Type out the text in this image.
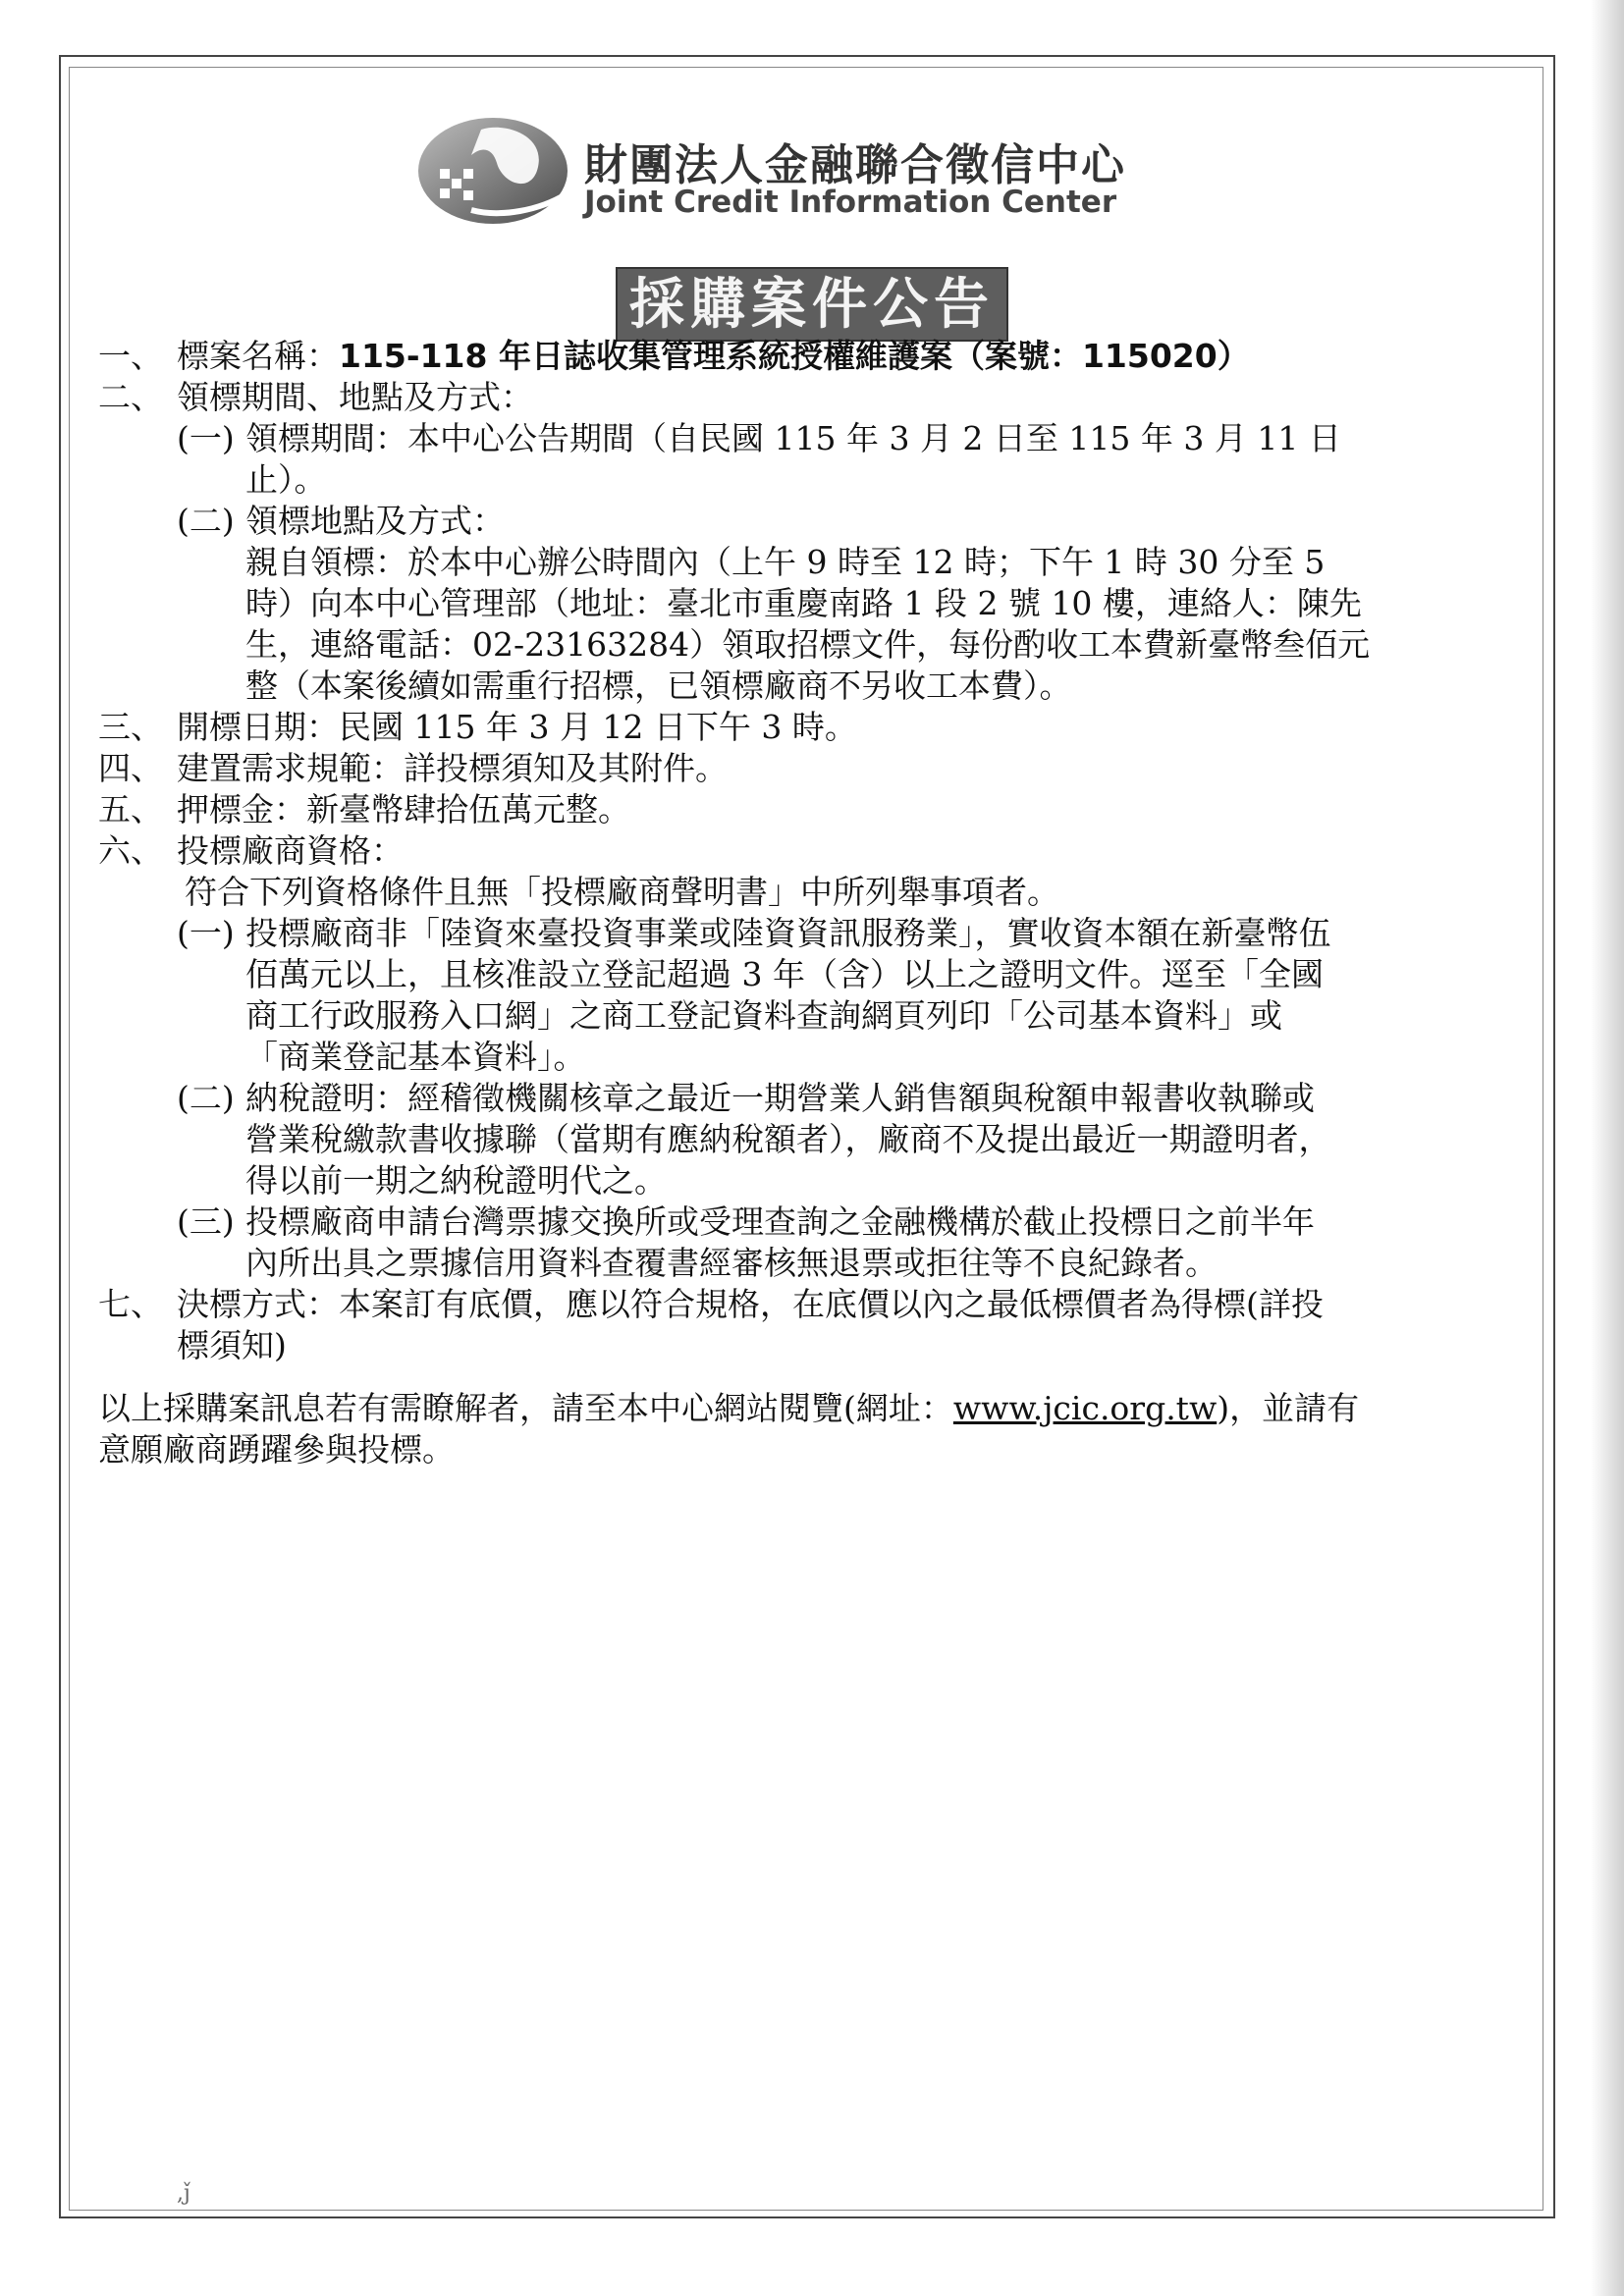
財團法人金融聯合徵信中心
Joint Credit Information Center
採購案件公告
一、 標案名稱：115-118 年日誌收集管理系統授權維護案（案號：115020）
二、 領標期間、地點及方式：
(一) 領標期間：本中心公告期間（自民國 115 年 3 月 2 日至 115 年 3 月 11 日
止）。
(二) 領標地點及方式：
親自領標：於本中心辦公時間內（上午 9 時至 12 時；下午 1 時 30 分至 5
時）向本中心管理部（地址：臺北市重慶南路 1 段 2 號 10 樓，連絡人：陳先
生，連絡電話：02-23163284）領取招標文件，每份酌收工本費新臺幣叁佰元
整（本案後續如需重行招標，已領標廠商不另收工本費）。
三、 開標日期：民國 115 年 3 月 12 日下午 3 時。
四、 建置需求規範：詳投標須知及其附件。
五、 押標金：新臺幣肆拾伍萬元整。
六、 投標廠商資格：
符合下列資格條件且無「投標廠商聲明書」中所列舉事項者。
(一) 投標廠商非「陸資來臺投資事業或陸資資訊服務業」，實收資本額在新臺幣伍
佰萬元以上，且核准設立登記超過 3 年（含）以上之證明文件。逕至「全國
商工行政服務入口網」之商工登記資料查詢網頁列印「公司基本資料」或
「商業登記基本資料」。
(二) 納稅證明：經稽徵機關核章之最近一期營業人銷售額與稅額申報書收執聯或
營業稅繳款書收據聯（當期有應納稅額者），廠商不及提出最近一期證明者，
得以前一期之納稅證明代之。
(三) 投標廠商申請台灣票據交換所或受理查詢之金融機構於截止投標日之前半年
內所出具之票據信用資料查覆書經審核無退票或拒往等不良紀錄者。
七、 決標方式：本案訂有底價，應以符合規格，在底價以內之最低標價者為得標(詳投
標須知)
以上採購案訊息若有需瞭解者，請至本中心網站閱覽(網址：www.jcic.org.tw)，並請有
意願廠商踴躍參與投標。
,ǰ
